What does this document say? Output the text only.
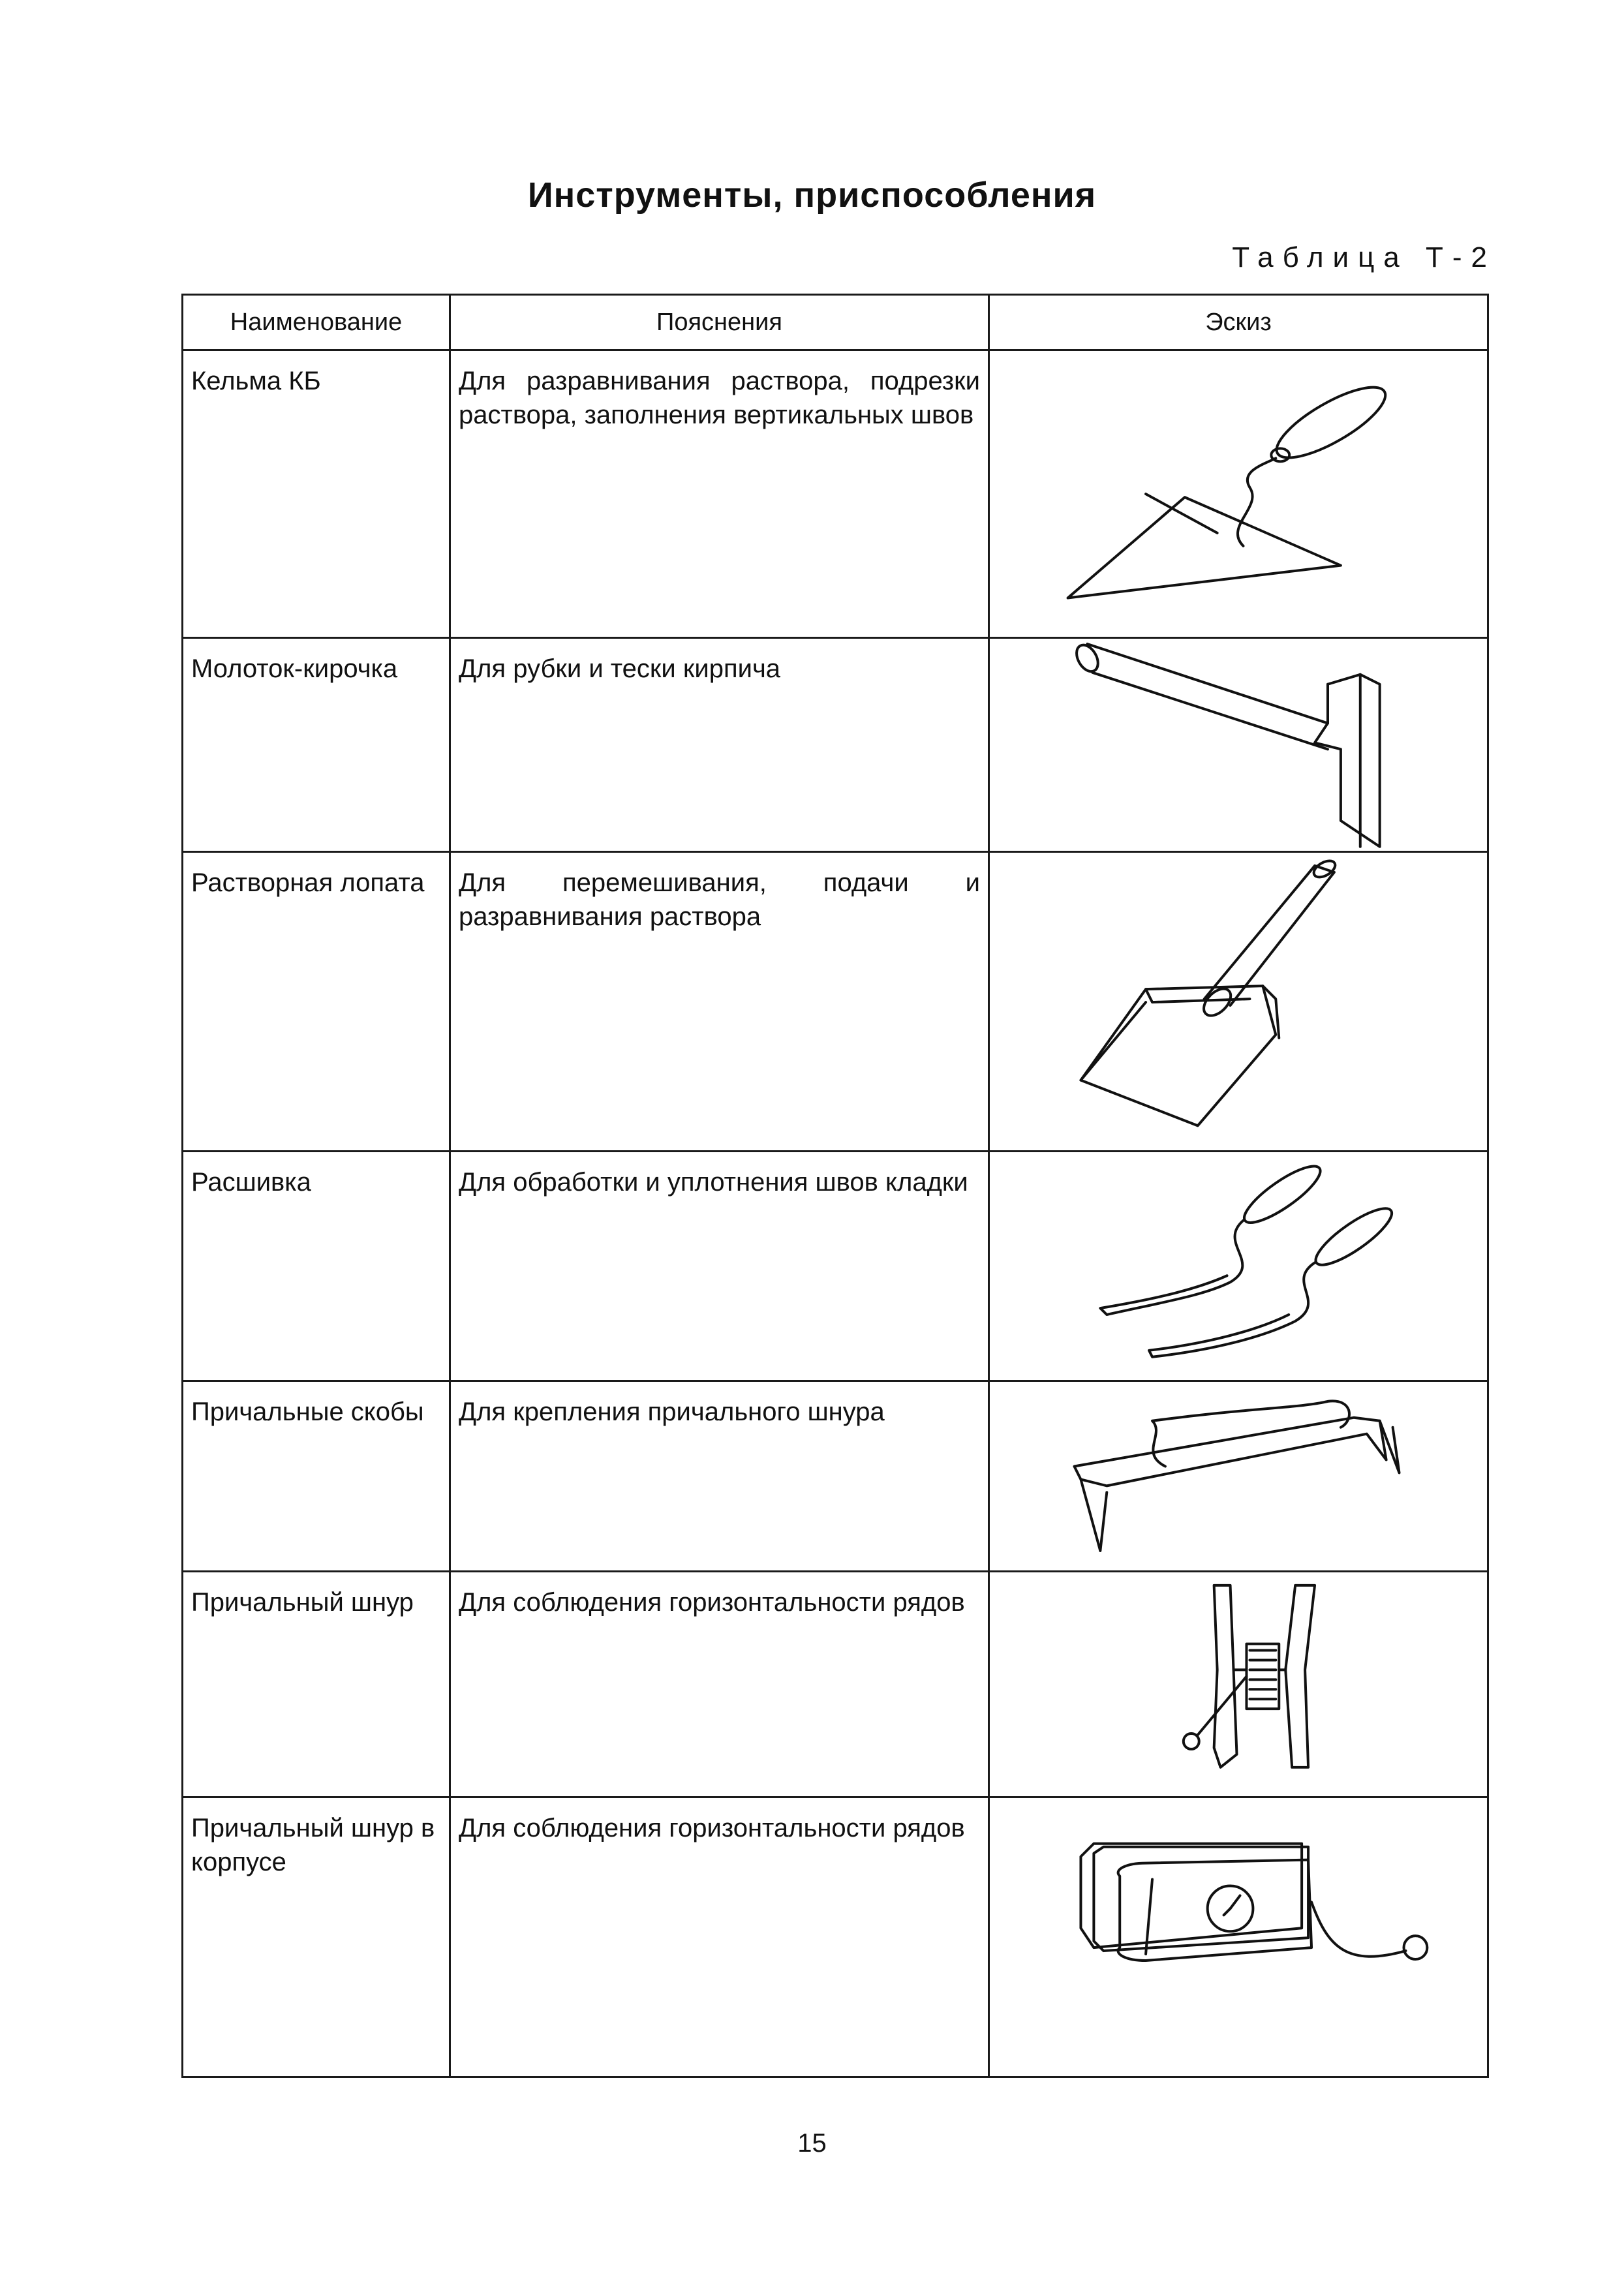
Инструменты, приспособления
Таблица Т-2
Наименование	Пояснения	Эскиз
Кельма КБ	Для разравнивания раствора, подрезки раствора, заполнения вертикальных швов	

Молоток-кирочка	Для рубки и тески кирпича	

Растворная лопата	Для перемешивания, подачи и разравнивания раствора	

Расшивка	Для обработки и уплотнения швов кладки	

Причальные скобы	Для крепления причального шнура	

Причальный шнур	Для соблюдения горизонтальности рядов	

Причальный шнур в корпусе	Для соблюдения горизонтальности рядов	
15
